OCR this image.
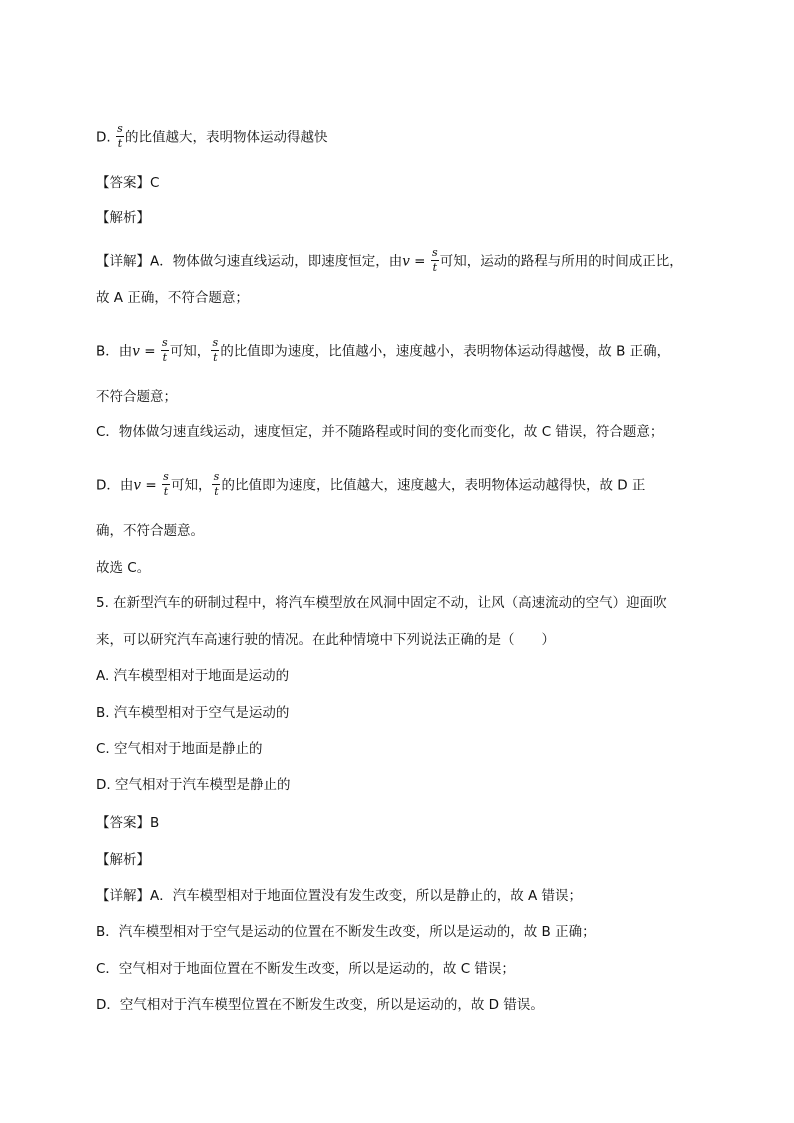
D. $\frac{s}{t}$ 的比值越大，表明物体运动得越快
【答案】C
【解析】
【详解】A．物体做匀速直线运动，即速度恒定，由$v = \frac{s}{t}$ 可知，运动的路程与所用的时间成正比，
故 A 正确，不符合题意；
B．由$v = \frac{s}{t}$ 可知， $\frac{s}{t}$ 的比值即为速度，比值越小，速度越小，表明物体运动得越慢，故 B 正确，
不符合题意；
C．物体做匀速直线运动，速度恒定，并不随路程或时间的变化而变化，故 C 错误，符合题意；
D．由$v = \frac{s}{t}$ 可知， $\frac{s}{t}$ 的比值即为速度，比值越大，速度越大，表明物体运动越得快，故 D 正
确，不符合题意。
故选 C。
5. 在新型汽车的研制过程中，将汽车模型放在风洞中固定不动，让风（高速流动的空气）迎面吹
来，可以研究汽车高速行驶的情况。在此种情境中下列说法正确的是（　　）
A. 汽车模型相对于地面是运动的
B. 汽车模型相对于空气是运动的
C. 空气相对于地面是静止的
D. 空气相对于汽车模型是静止的
【答案】B
【解析】
【详解】A．汽车模型相对于地面位置没有发生改变，所以是静止的，故 A 错误；
B．汽车模型相对于空气是运动的位置在不断发生改变，所以是运动的，故 B 正确；
C．空气相对于地面位置在不断发生改变，所以是运动的，故 C 错误；
D．空气相对于汽车模型位置在不断发生改变，所以是运动的，故 D 错误。
